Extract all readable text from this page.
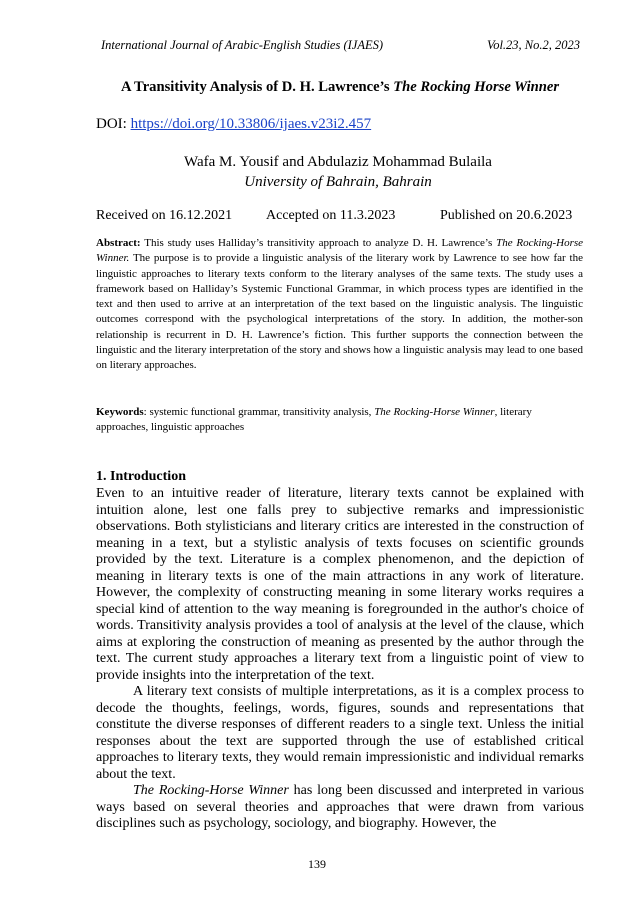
International Journal of Arabic-English Studies (IJAES)	Vol.23, No.2, 2023
A Transitivity Analysis of D. H. Lawrence’s The Rocking Horse Winner
DOI: https://doi.org/10.33806/ijaes.v23i2.457
Wafa M. Yousif and Abdulaziz Mohammad Bulaila
University of Bahrain, Bahrain
Received on 16.12.2021 Accepted on 11.3.2023	Published on 20.6.2023
Abstract: This study uses Halliday’s transitivity approach to analyze D. H. Lawrence’s The Rocking-Horse Winner. The purpose is to provide a linguistic analysis of the literary work by Lawrence to see how far the linguistic approaches to literary texts conform to the literary analyses of the same texts. The study uses a framework based on Halliday’s Systemic Functional Grammar, in which process types are identified in the text and then used to arrive at an interpretation of the text based on the linguistic analysis. The linguistic outcomes correspond with the psychological interpretations of the story. In addition, the mother-son relationship is recurrent in D. H. Lawrence’s fiction. This further supports the connection between the linguistic and the literary interpretation of the story and shows how a linguistic analysis may lead to one based on literary approaches.
Keywords: systemic functional grammar, transitivity analysis, The Rocking-Horse Winner, literary approaches, linguistic approaches
1. Introduction

Even to an intuitive reader of literature, literary texts cannot be explained with intuition alone, lest one falls prey to subjective remarks and impressionistic observations. Both stylisticians and literary critics are interested in the construction of meaning in a text, but a stylistic analysis of texts focuses on scientific grounds provided by the text. Literature is a complex phenomenon, and the depiction of meaning in literary texts is one of the main attractions in any work of literature. However, the complexity of constructing meaning in some literary works requires a special kind of attention to the way meaning is foregrounded in the author's choice of words. Transitivity analysis provides a tool of analysis at the level of the clause, which aims at exploring the construction of meaning as presented by the author through the text. The current study approaches a literary text from a linguistic point of view to provide insights into the interpretation of the text.

A literary text consists of multiple interpretations, as it is a complex process to decode the thoughts, feelings, words, figures, sounds and representations that constitute the diverse responses of different readers to a single text. Unless the initial responses about the text are supported through the use of established critical approaches to literary texts, they would remain impressionistic and individual remarks about the text.

The Rocking-Horse Winner has long been discussed and interpreted in various ways based on several theories and approaches that were drawn from various disciplines such as psychology, sociology, and biography. However, the

139
